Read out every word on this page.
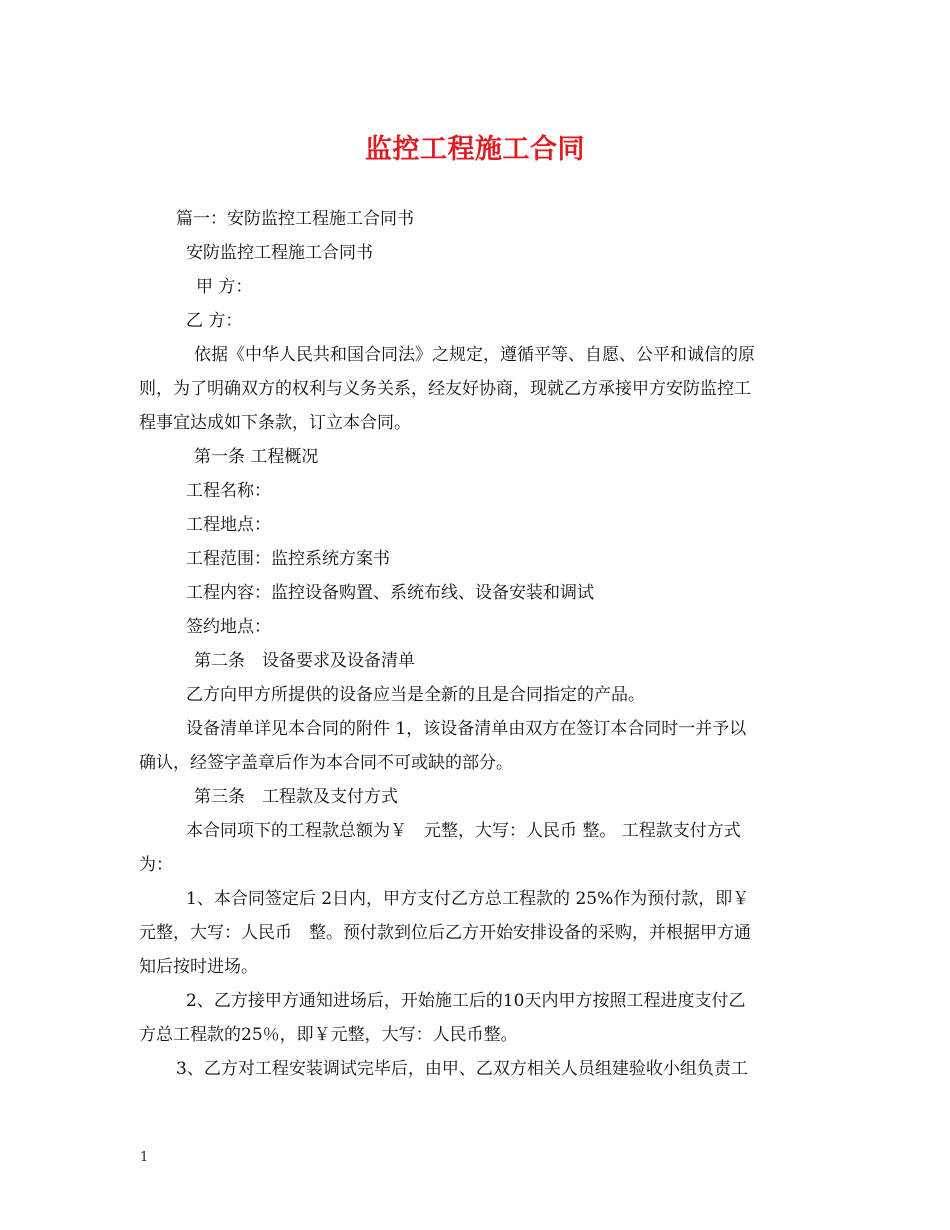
监控工程施工合同
篇一：安防监控工程施工合同书
安防监控工程施工合同书
甲 方：
乙 方：
依据《中华人民共和国合同法》之规定，遵循平等、自愿、公平和诚信的原
则，为了明确双方的权利与义务关系，经友好协商，现就乙方承接甲方安防监控工
程事宜达成如下条款，订立本合同。
第一条 工程概况
工程名称：
工程地点：
工程范围：监控系统方案书
工程内容：监控设备购置、系统布线、设备安装和调试
签约地点：
第二条　设备要求及设备清单
乙方向甲方所提供的设备应当是全新的且是合同指定的产品。
设备清单详见本合同的附件 1，该设备清单由双方在签订本合同时一并予以
确认，经签字盖章后作为本合同不可或缺的部分。
第三条　工程款及支付方式
本合同项下的工程款总额为￥　元整，大写：人民币 整。 工程款支付方式
为：
1、本合同签定后 2日内，甲方支付乙方总工程款的 25%作为预付款，即￥
元整，大写：人民币　整。预付款到位后乙方开始安排设备的采购，并根据甲方通
知后按时进场。
2、乙方接甲方通知进场后，开始施工后的10天内甲方按照工程进度支付乙
方总工程款的25％，即￥元整，大写：人民币整。
3、乙方对工程安装调试完毕后，由甲、乙双方相关人员组建验收小组负责工
1
